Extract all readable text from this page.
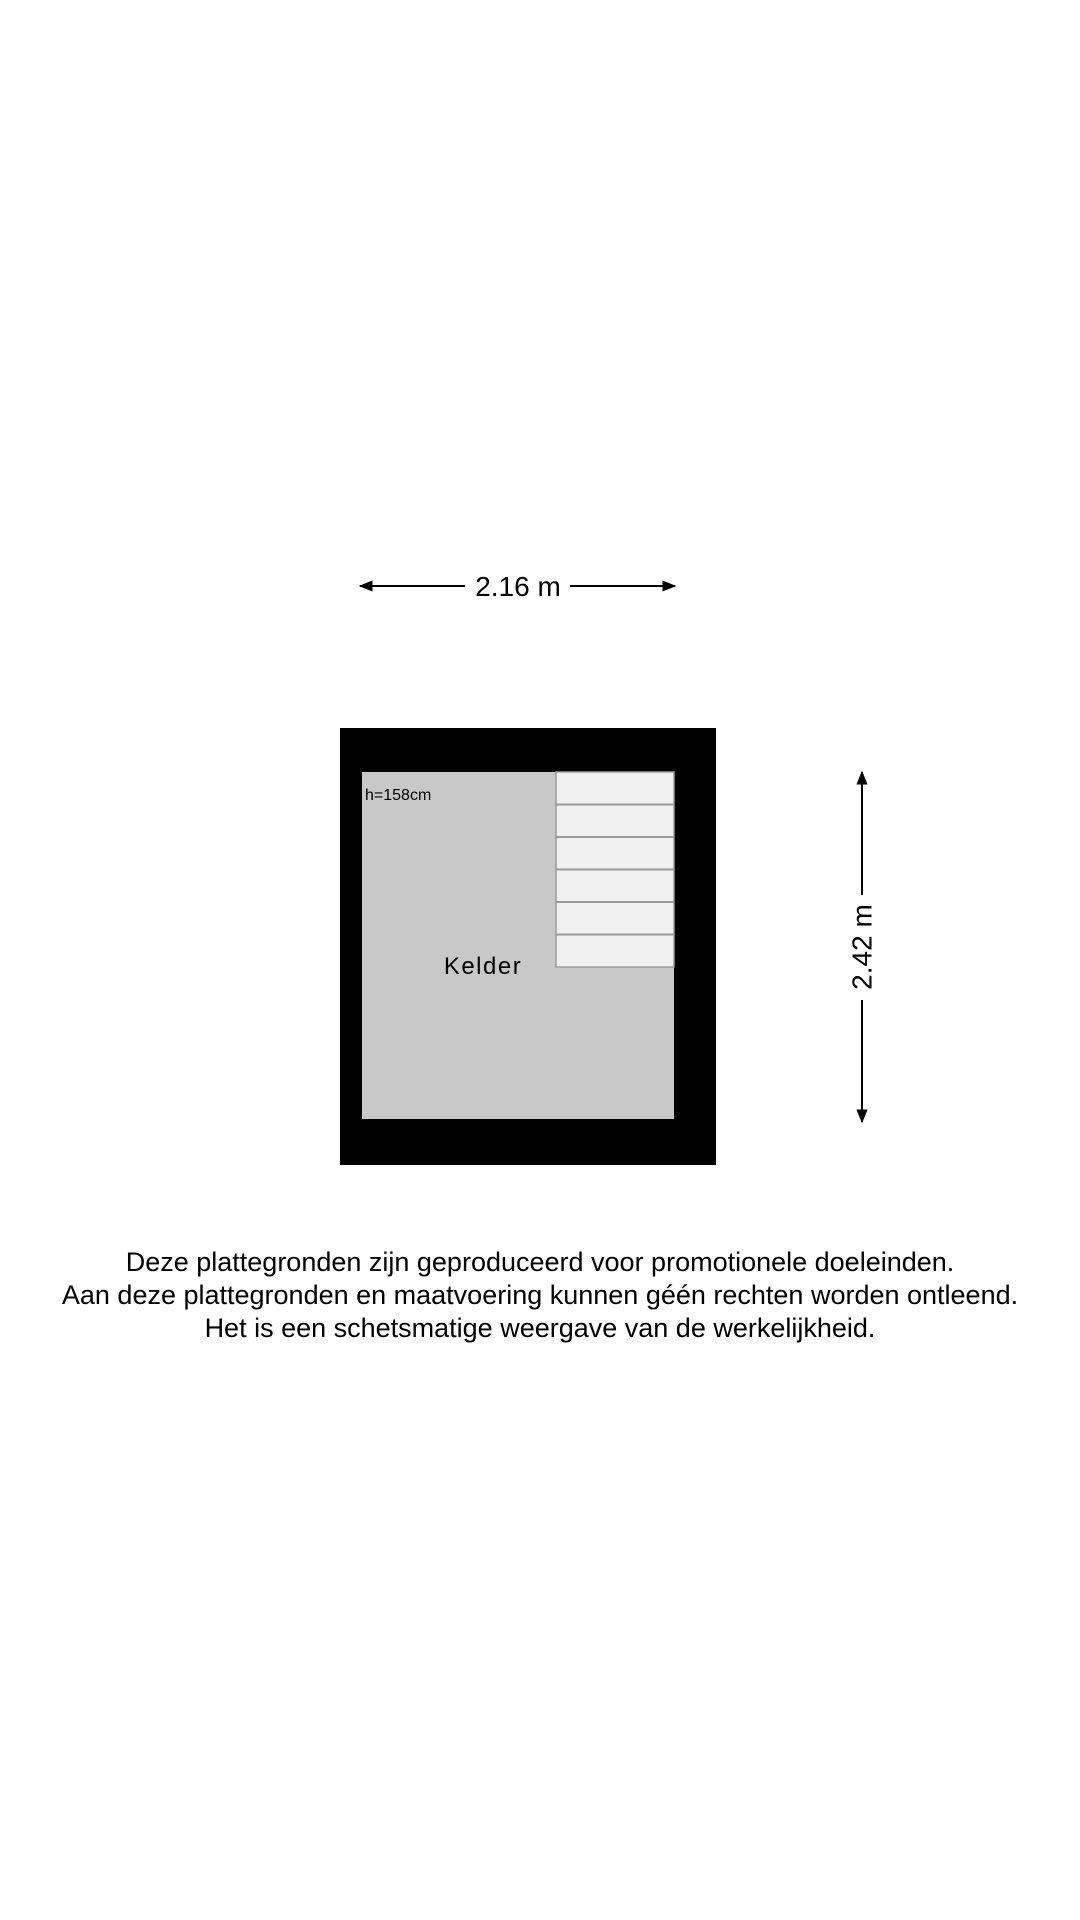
2.16 m
h=158cm
Kelder	2.42 m
Deze plattegronden zijn geproduceerd voor promotionele doeleinden.
Aan deze plattegronden en maatvoering kunnen géén rechten worden ontleend.
Het is een schetsmatige weergave van de werkelijkheid.
